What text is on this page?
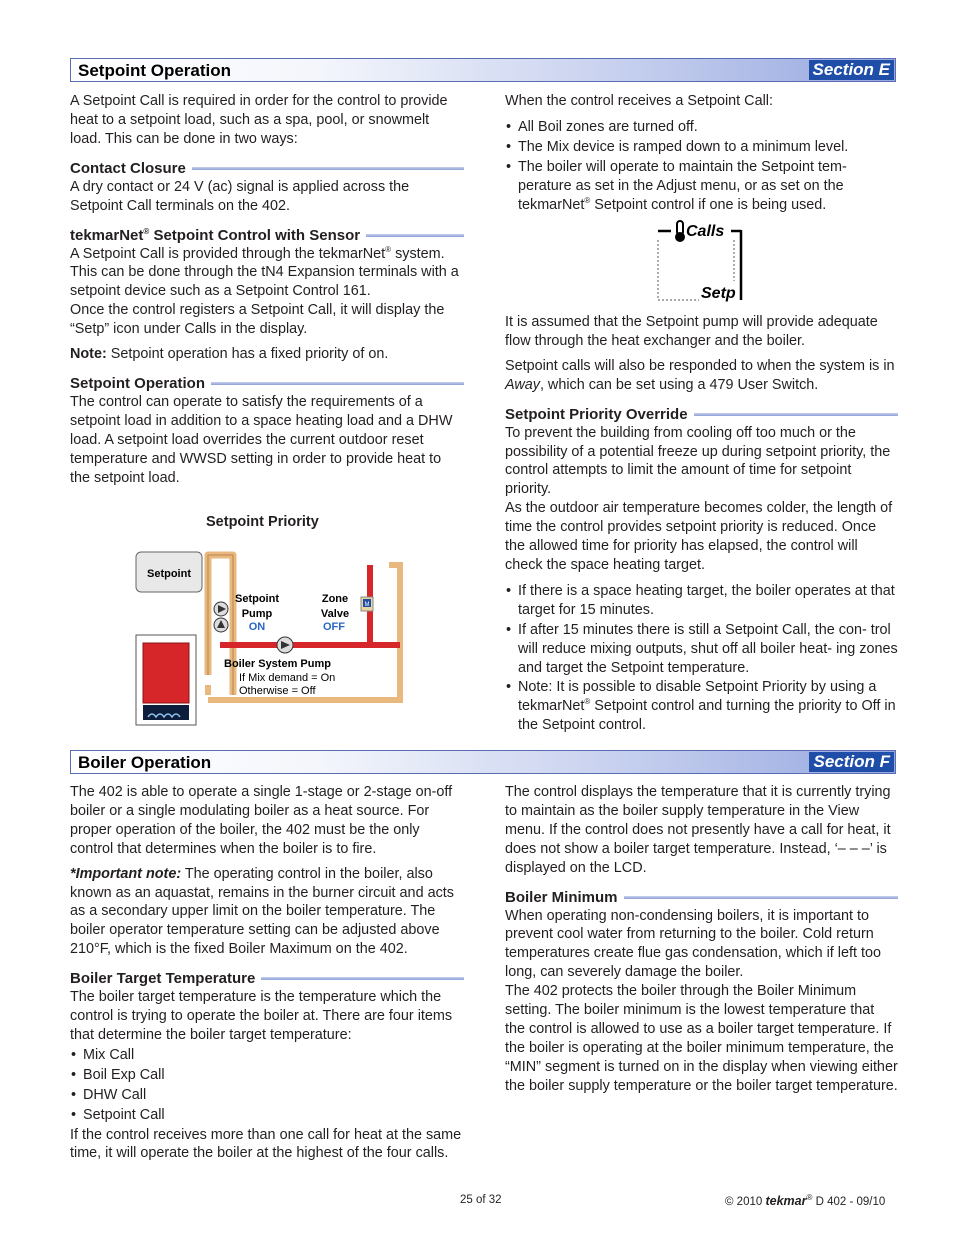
Setpoint Operation	Section E

A Setpoint Call is required in order for the control to provide heat to a setpoint load, such as a spa, pool, or snowmelt load. This can be done in two ways:

Contact Closure

A dry contact or 24 V (ac) signal is applied across the Setpoint Call terminals on the 402.

tekmarNet® Setpoint Control with Sensor

A Setpoint Call is provided through the tekmarNet® system. This can be done through the tN4 Expansion terminals with a setpoint device such as a Setpoint Control 161.

Once the control registers a Setpoint Call, it will display the “Setp” icon under Calls in the display.

Note: Setpoint operation has a fixed priority of on.

Setpoint Operation

The control can operate to satisfy the requirements of a setpoint load in addition to a space heating load and a DHW load. A setpoint load overrides the current outdoor reset temperature and WWSD setting in order to provide heat to the setpoint load.

Setpoint Priority
Setpoint
M
Setpoint
Pump
ON
Zone
Valve
OFF
Boiler System Pump
If Mix demand = On
Otherwise = Off

When the control receives a Setpoint Call:

• All Boil zones are turned off.
• The Mix device is ramped down to a minimum level.
• The boiler will operate to maintain the Setpoint tem-
perature as set in the Adjust menu, or as set on the
tekmarNet® Setpoint control if one is being used.
Calls
Setp

It is assumed that the Setpoint pump will provide adequate flow through the heat exchanger and the boiler.

Setpoint calls will also be responded to when the system is in Away, which can be set using a 479 User Switch.

Setpoint Priority Override

To prevent the building from cooling off too much or the possibility of a potential freeze up during setpoint priority, the control attempts to limit the amount of time for setpoint priority.

As the outdoor air temperature becomes colder, the length of time the control provides setpoint priority is reduced. Once the allowed time for priority has elapsed, the control will check the space heating target.

• If there is a space heating target, the boiler operates at that target for 15 minutes.
• If after 15 minutes there is still a Setpoint Call, the con- trol will reduce mixing outputs, shut off all boiler heat- ing zones and target the Setpoint temperature.
• Note: It is possible to disable Setpoint Priority by using a tekmarNet® Setpoint control and turning the priority to Off in the Setpoint control.
Boiler Operation	Section F

The 402 is able to operate a single 1-stage or 2-stage on-off boiler or a single modulating boiler as a heat source. For proper operation of the boiler, the 402 must be the only control that determines when the boiler is to fire.

*Important note: The operating control in the boiler, also known as an aquastat, remains in the burner circuit and acts as a secondary upper limit on the boiler temperature. The boiler operator temperature setting can be adjusted above 210°F, which is the fixed Boiler Maximum on the 402.

Boiler Target Temperature

The boiler target temperature is the temperature which the control is trying to operate the boiler at. There are four items that determine the boiler target temperature:

• Mix Call
• Boil Exp Call
• DHW Call
• Setpoint Call

If the control receives more than one call for heat at the same time, it will operate the boiler at the highest of the four calls.

The control displays the temperature that it is currently trying to maintain as the boiler supply temperature in the View menu. If the control does not presently have a call for heat, it does not show a boiler target temperature. Instead, ‘– – –’ is displayed on the LCD.

Boiler Minimum

When operating non-condensing boilers, it is important to prevent cool water from returning to the boiler. Cold return temperatures create flue gas condensation, which if left too long, can severely damage the boiler.

The 402 protects the boiler through the Boiler Minimum setting. The boiler minimum is the lowest temperature that the control is allowed to use as a boiler target temperature. If the boiler is operating at the boiler minimum temperature, the “MIN” segment is turned on in the display when viewing either the boiler supply temperature or the boiler target temperature.

25 of 32	© 2010 tekmar® D 402 - 09/10
